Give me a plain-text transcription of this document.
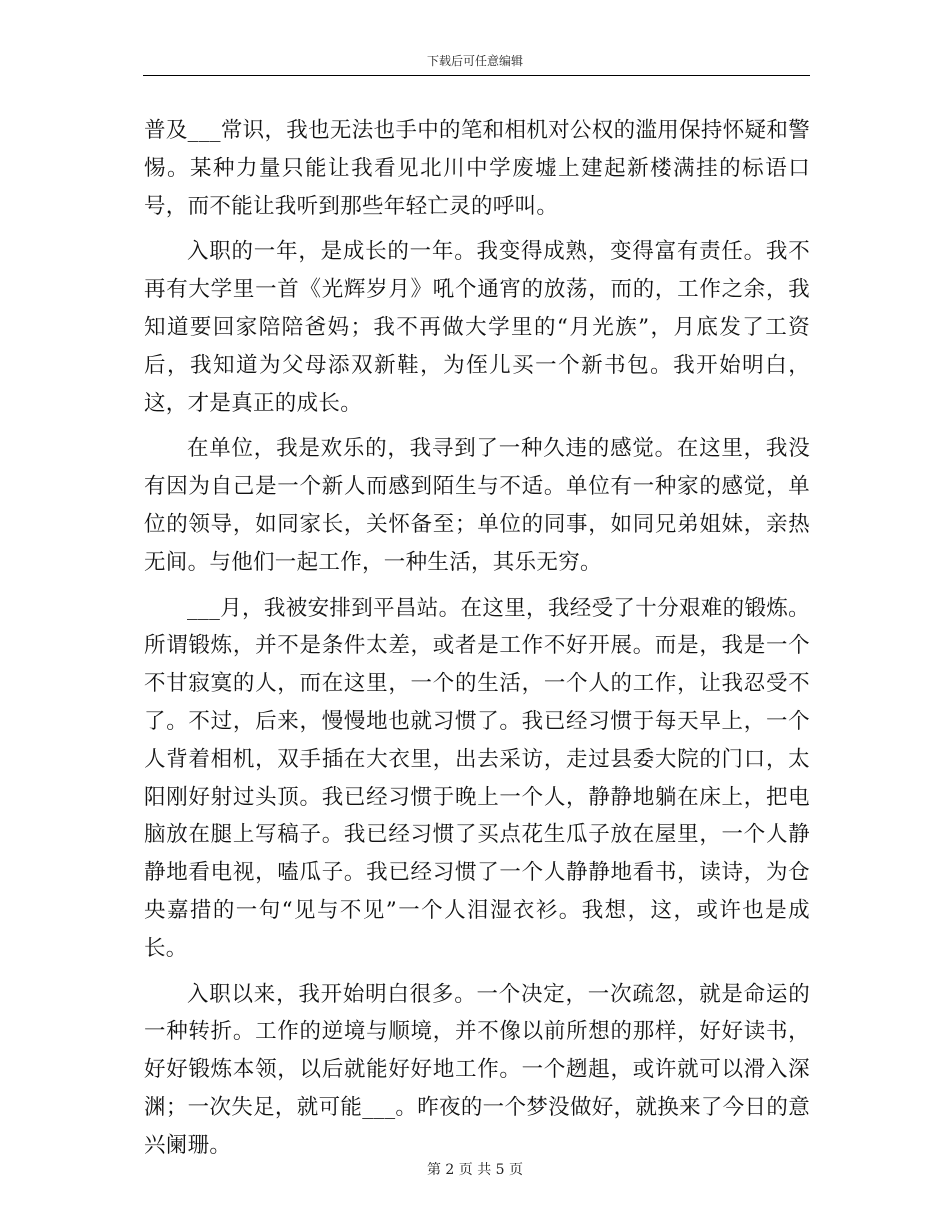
下载后可任意编辑

普及___常识，我也无法也手中的笔和相机对公权的滥用保持怀疑和警惕。某种力量只能让我看见北川中学废墟上建起新楼满挂的标语口号，而不能让我听到那些年轻亡灵的呼叫。

入职的一年，是成长的一年。我变得成熟，变得富有责任。我不再有大学里一首《光辉岁月》吼个通宵的放荡，而的，工作之余，我知道要回家陪陪爸妈；我不再做大学里的“月光族”，月底发了工资后，我知道为父母添双新鞋，为侄儿买一个新书包。我开始明白，这，才是真正的成长。

在单位，我是欢乐的，我寻到了一种久违的感觉。在这里，我没有因为自己是一个新人而感到陌生与不适。单位有一种家的感觉，单位的领导，如同家长，关怀备至；单位的同事，如同兄弟姐妹，亲热无间。与他们一起工作，一种生活，其乐无穷。

___月，我被安排到平昌站。在这里，我经受了十分艰难的锻炼。所谓锻炼，并不是条件太差，或者是工作不好开展。而是，我是一个不甘寂寞的人，而在这里，一个的生活，一个人的工作，让我忍受不了。不过，后来，慢慢地也就习惯了。我已经习惯于每天早上，一个人背着相机，双手插在大衣里，出去采访，走过县委大院的门口，太阳刚好射过头顶。我已经习惯于晚上一个人，静静地躺在床上，把电脑放在腿上写稿子。我已经习惯了买点花生瓜子放在屋里，一个人静静地看电视，嗑瓜子。我已经习惯了一个人静静地看书，读诗，为仓央嘉措的一句“见与不见”一个人泪湿衣衫。我想，这，或许也是成长。

入职以来，我开始明白很多。一个决定，一次疏忽，就是命运的一种转折。工作的逆境与顺境，并不像以前所想的那样，好好读书，好好锻炼本领，以后就能好好地工作。一个趔趄，或许就可以滑入深渊；一次失足，就可能___。昨夜的一个梦没做好，就换来了今日的意兴阑珊。

第 2 页 共 5 页
